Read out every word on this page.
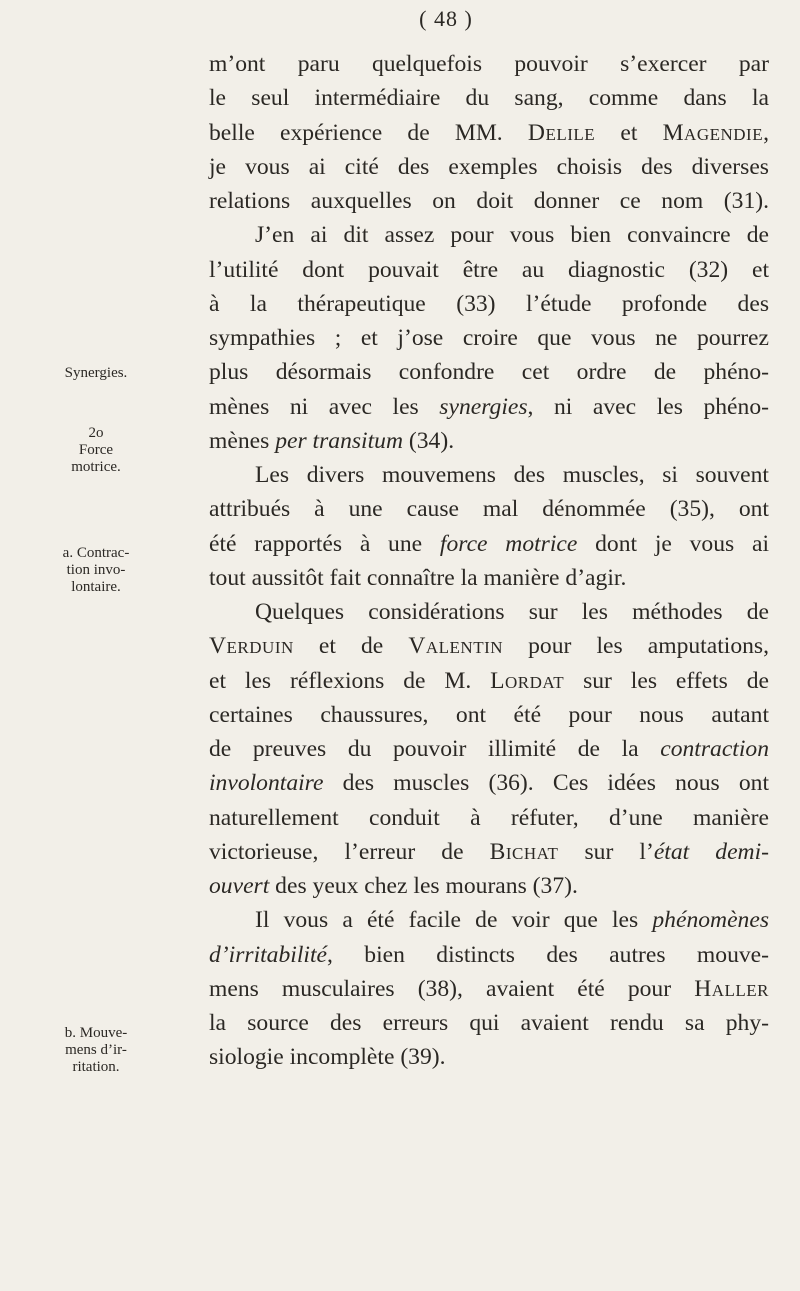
( 48 )
Synergies.
2o
Force motrice.
a. Contrac-tion invo-lontaire.
b. Mouve-mens d’ir-ritation.
m’ont paru quelquefois pouvoir s’exercer par
le seul intermédiaire du sang, comme dans la
belle expérience de MM. Delile et Magendie,
je vous ai cité des exemples choisis des diverses
relations auxquelles on doit donner ce nom (31).
J’en ai dit assez pour vous bien convaincre de
l’utilité dont pouvait être au diagnostic (32) et
à la thérapeutique (33) l’étude profonde des
sympathies ; et j’ose croire que vous ne pourrez
plus désormais confondre cet ordre de phéno-
mènes ni avec les synergies, ni avec les phéno-
mènes per transitum (34).
Les divers mouvemens des muscles, si souvent
attribués à une cause mal dénommée (35), ont
été rapportés à une force motrice dont je vous ai
tout aussitôt fait connaître la manière d’agir.
Quelques considérations sur les méthodes de
Verduin et de Valentin pour les amputations,
et les réflexions de M. Lordat sur les effets de
certaines chaussures, ont été pour nous autant
de preuves du pouvoir illimité de la contraction
involontaire des muscles (36). Ces idées nous ont
naturellement conduit à réfuter, d’une manière
victorieuse, l’erreur de Bichat sur l’état demi-
ouvert des yeux chez les mourans (37).
Il vous a été facile de voir que les phénomènes
d’irritabilité, bien distincts des autres mouve-
mens musculaires (38), avaient été pour Haller
la source des erreurs qui avaient rendu sa phy-
siologie incomplète (39).
